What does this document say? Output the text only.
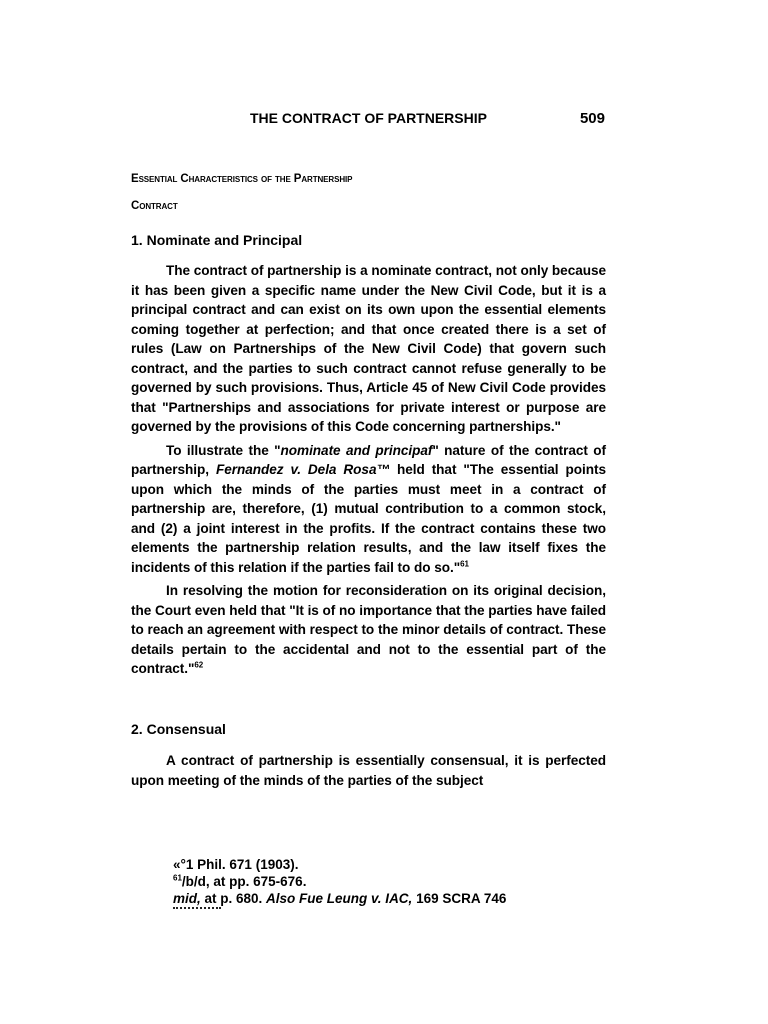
THE CONTRACT OF PARTNERSHIP	509
Essential Characteristics of the Partnership
Contract
1. Nominate and Principal

The contract of partnership is a nominate contract, not only because it has been given a specific name under the New Civil Code, but it is a principal contract and can exist on its own upon the essential elements coming together at perfection; and that once created there is a set of rules (Law on Partnerships of the New Civil Code) that govern such contract, and the parties to such contract cannot refuse generally to be governed by such provisions. Thus, Article 45 of New Civil Code provides that "Partnerships and associations for private interest or purpose are governed by the provisions of this Code concerning partnerships."

To illustrate the "nominate and principaf" nature of the contract of partnership, Fernandez v. Dela Rosa™ held that "The essential points upon which the minds of the parties must meet in a contract of partnership are, therefore, (1) mutual contribution to a common stock, and (2) a joint interest in the profits. If the contract contains these two elements the partnership relation results, and the law itself fixes the incidents of this relation if the parties fail to do so."$^{61}$

In resolving the motion for reconsideration on its original decision, the Court even held that "It is of no importance that the parties have failed to reach an agreement with respect to the minor details of contract. These details pertain to the accidental and not to the essential part of the contract."$^{62}$

2. Consensual

A contract of partnership is essentially consensual, it is perfected upon meeting of the minds of the parties of the subject

«°1 Phil. 671 (1903).
$^{61}$/b/d, at pp. 675-676.
mid, at p. 680. Also Fue Leung v. IAC, 169 SCRA 746
